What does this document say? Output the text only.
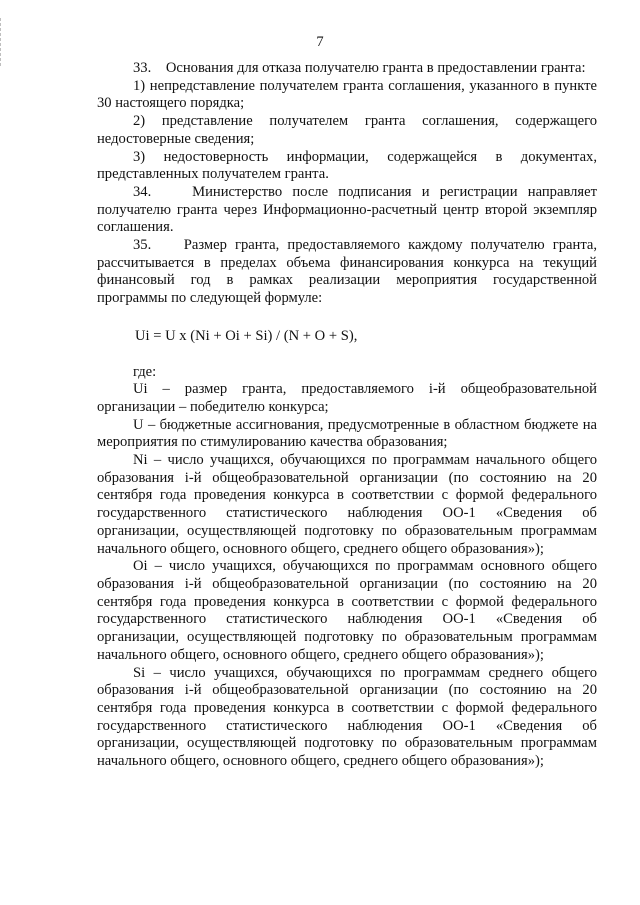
7

33.    Основания для отказа получателю гранта в предоставлении гранта:

1) непредставление получателем гранта соглашения, указанного в пункте 30 настоящего порядка;

2) представление получателем гранта соглашения, содержащего недостоверные сведения;

3) недостоверность информации, содержащейся в документах, представленных получателем гранта.

34.    Министерство после подписания и регистрации направляет получателю гранта через Информационно-расчетный центр второй экземпляр соглашения.

35.    Размер гранта, предоставляемого каждому получателю гранта, рассчитывается в пределах объема финансирования конкурса на текущий финансовый год в рамках реализации мероприятия государственной программы по следующей формуле:

Ui = U x (Ni + Oi + Si) / (N + O + S),

где:

Ui – размер гранта, предоставляемого i-й общеобразовательной организации – победителю конкурса;

U – бюджетные ассигнования, предусмотренные в областном бюджете на мероприятия по стимулированию качества образования;

Ni – число учащихся, обучающихся по программам начального общего образования i-й общеобразовательной организации (по состоянию на 20 сентября года проведения конкурса в соответствии с формой федерального государственного статистического наблюдения ОО-1 «Сведения об организации, осуществляющей подготовку по образовательным программам начального общего, основного общего, среднего общего образования»);

Oi – число учащихся, обучающихся по программам основного общего образования i-й общеобразовательной организации (по состоянию на 20 сентября года проведения конкурса в соответствии с формой федерального государственного статистического наблюдения ОО-1 «Сведения об организации, осуществляющей подготовку по образовательным программам начального общего, основного общего, среднего общего образования»);

Si – число учащихся, обучающихся по программам среднего общего образования i-й общеобразовательной организации (по состоянию на 20 сентября года проведения конкурса в соответствии с формой федерального государственного статистического наблюдения ОО-1 «Сведения об организации, осуществляющей подготовку по образовательным программам начального общего, основного общего, среднего общего образования»);
